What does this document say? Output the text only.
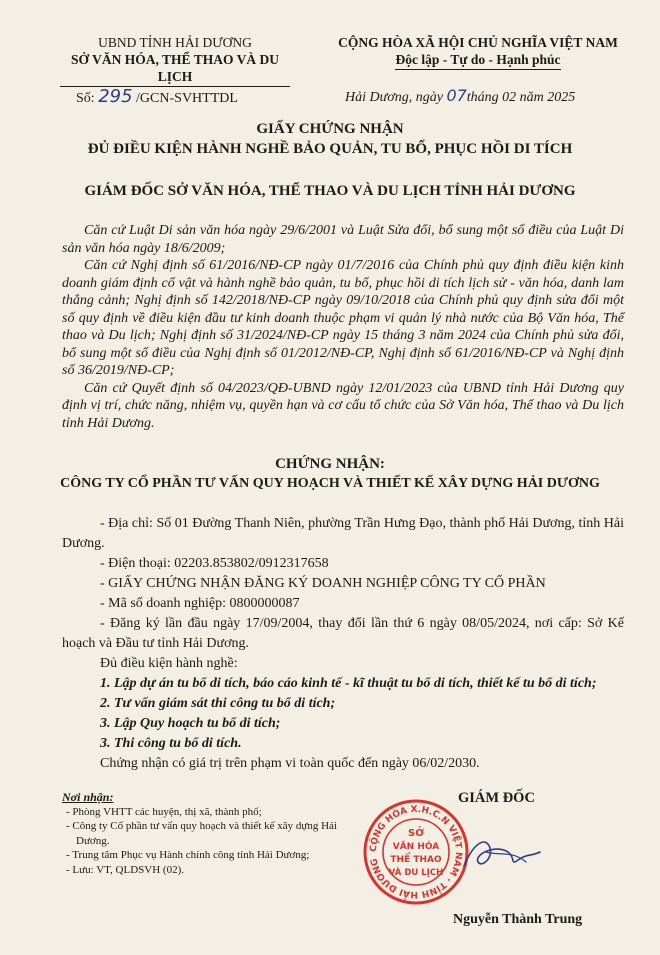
UBND TỈNH HẢI DƯƠNG
SỞ VĂN HÓA, THỂ THAO VÀ DU LỊCH
CỘNG HÒA XÃ HỘI CHỦ NGHĨA VIỆT NAM
Độc lập - Tự do - Hạnh phúc
Số: 295 /GCN-SVHTTDL	Hải Dương, ngày 07tháng 02 năm 2025
GIẤY CHỨNG NHẬN
ĐỦ ĐIỀU KIỆN HÀNH NGHỀ BẢO QUẢN, TU BỔ, PHỤC HỒI DI TÍCH
GIÁM ĐỐC SỞ VĂN HÓA, THỂ THAO VÀ DU LỊCH TỈNH HẢI DƯƠNG

Căn cứ Luật Di sản văn hóa ngày 29/6/2001 và Luật Sửa đổi, bổ sung một số điều của Luật Di sản văn hóa ngày 18/6/2009;

Căn cứ Nghị định số 61/2016/NĐ-CP ngày 01/7/2016 của Chính phủ quy định điều kiện kinh doanh giám định cổ vật và hành nghề bảo quản, tu bổ, phục hồi di tích lịch sử - văn hóa, danh lam thắng cảnh; Nghị định số 142/2018/NĐ-CP ngày 09/10/2018 của Chính phủ quy định sửa đổi một số quy định về điều kiện đầu tư kinh doanh thuộc phạm vi quản lý nhà nước của Bộ Văn hóa, Thể thao và Du lịch; Nghị định số 31/2024/NĐ-CP ngày 15 tháng 3 năm 2024 của Chính phủ sửa đổi, bổ sung một số điều của Nghị định số 01/2012/NĐ-CP, Nghị định số 61/2016/NĐ-CP và Nghị định số 36/2019/NĐ-CP;

Căn cứ Quyết định số 04/2023/QĐ-UBND ngày 12/01/2023 của UBND tỉnh Hải Dương quy định vị trí, chức năng, nhiệm vụ, quyền hạn và cơ cấu tổ chức của Sở Văn hóa, Thể thao và Du lịch tỉnh Hải Dương.

CHỨNG NHẬN:
CÔNG TY CỔ PHẦN TƯ VẤN QUY HOẠCH VÀ THIẾT KẾ XÂY DỰNG HẢI DƯƠNG

- Địa chỉ: Số 01 Đường Thanh Niên, phường Trần Hưng Đạo, thành phố Hải Dương, tỉnh Hải Dương.

- Điện thoại: 02203.853802/0912317658

- GIẤY CHỨNG NHẬN ĐĂNG KÝ DOANH NGHIỆP CÔNG TY CỔ PHẦN

- Mã số doanh nghiệp: 0800000087

- Đăng ký lần đầu ngày 17/09/2004, thay đổi lần thứ 6 ngày 08/05/2024, nơi cấp: Sở Kế hoạch và Đầu tư tỉnh Hải Dương.

Đủ điều kiện hành nghề:

1. Lập dự án tu bổ di tích, báo cáo kinh tế - kĩ thuật tu bổ di tích, thiết kế tu bổ di tích;

2. Tư vấn giám sát thi công tu bổ di tích;

3. Lập Quy hoạch tu bổ di tích;

3. Thi công tu bổ di tích.

Chứng nhận có giá trị trên phạm vi toàn quốc đến ngày 06/02/2030.

Nơi nhận:
- Phòng VHTT các huyện, thị xã, thành phố;
- Công ty Cổ phần tư vấn quy hoạch và thiết kế xây dựng Hải Dương.
- Trung tâm Phục vụ Hành chính công tỉnh Hải Dương;
- Lưu: VT, QLDSVH (02).
GIÁM ĐỐC
CỘNG HÒA X.H.C.N VIỆT NAM · TỈNH HẢI DƯƠNG
SỞ
VĂN HÓA
THỂ THAO
VÀ DU LỊCH
Nguyễn Thành Trung
